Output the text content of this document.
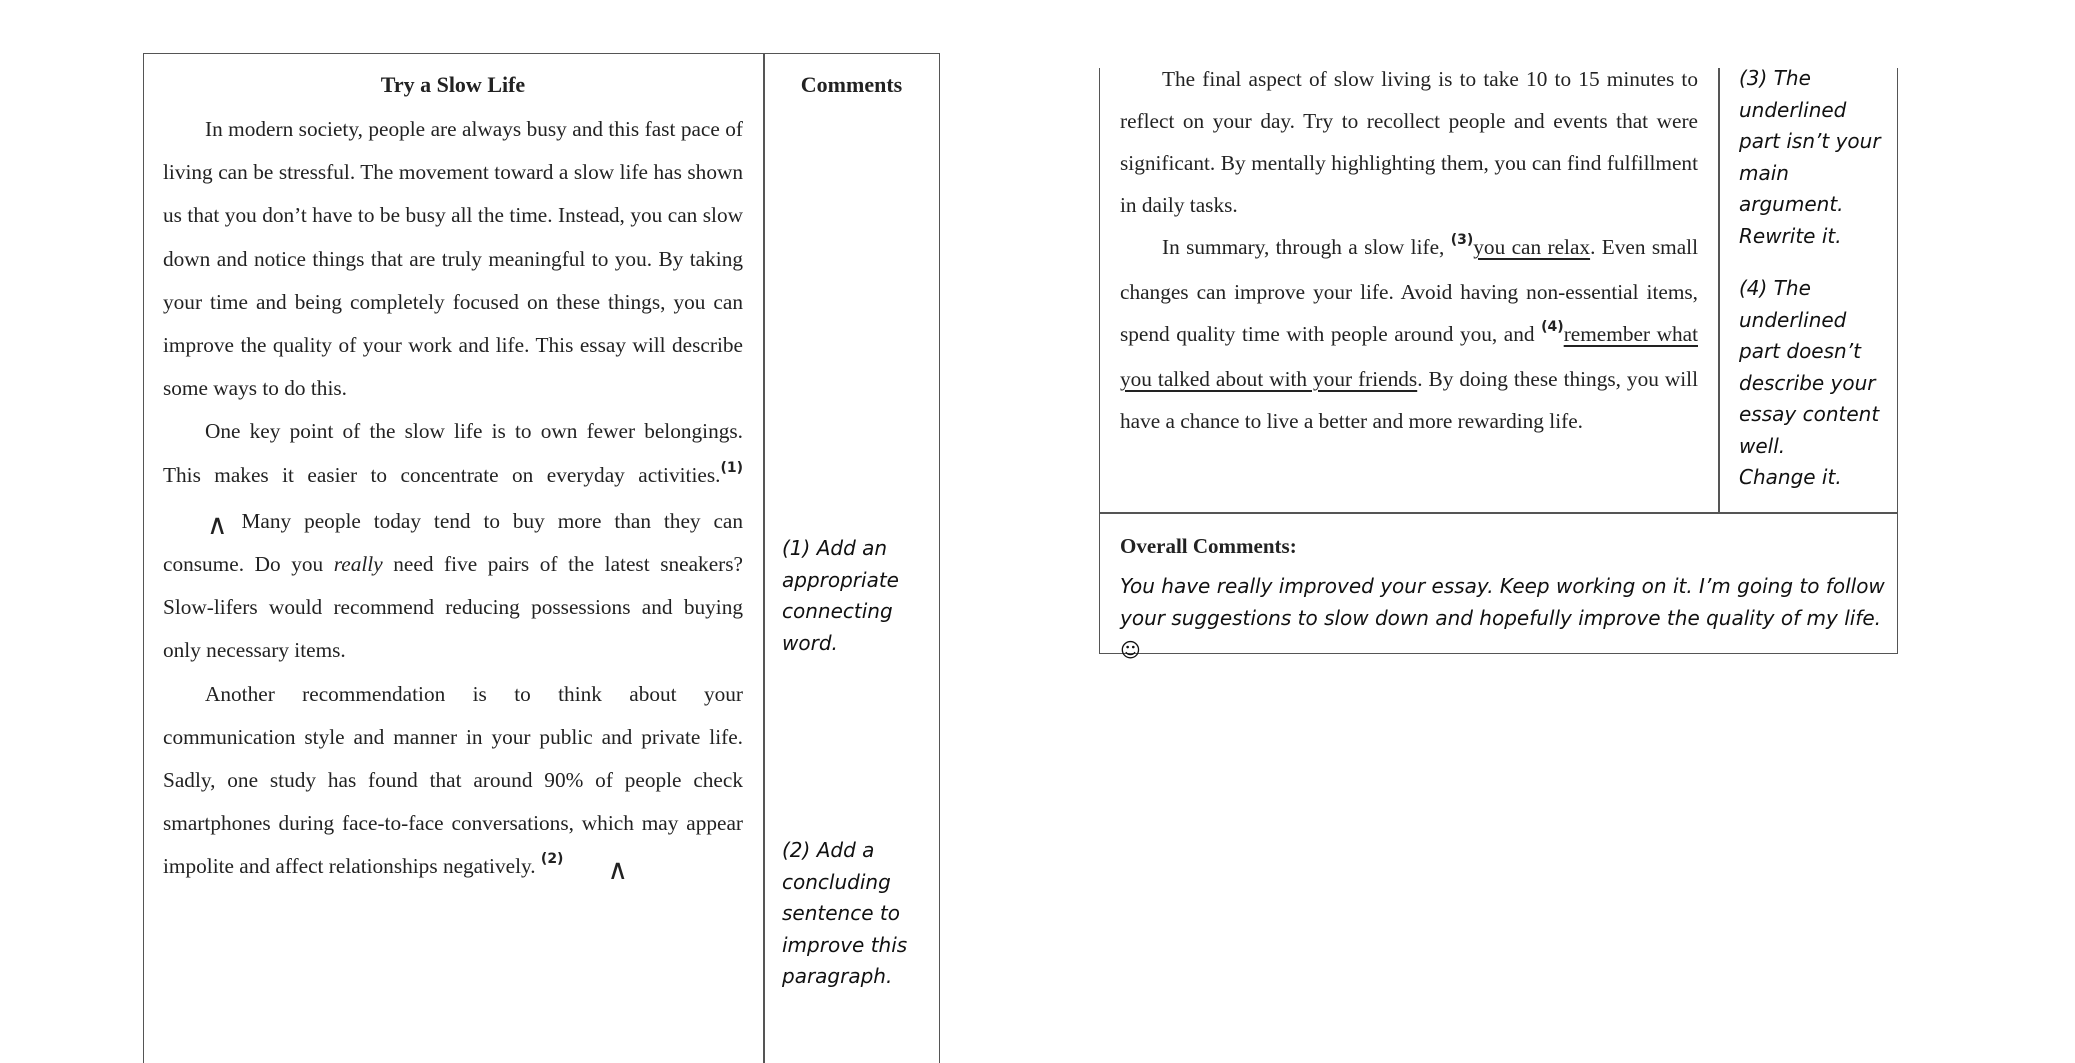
Try a Slow Life	Comments

In modern society, people are always busy and this fast pace of living can be stressful. The movement toward a slow life has shown us that you don’t have to be busy all the time. Instead, you can slow down and notice things that are truly meaningful to you. By taking your time and being completely focused on these things, you can improve the quality of your work and life. This essay will describe some ways to do this.

One key point of the slow life is to own fewer belongings. This makes it easier to concentrate on everyday activities.$^{(1)}$∧ Many people today tend to buy more than they can consume. Do you really need five pairs of the latest sneakers? Slow-lifers would recommend reducing possessions and buying only necessary items.

Another recommendation is to think about your communication style and manner in your public and private life. Sadly, one study has found that around 90% of people check smartphones during face-to-face conversations, which may appear impolite and affect relationships negatively. $^{(2)}$ ∧

(1) Add an appropriate connecting word.
(2) Add a concluding sentence to improve this paragraph.

The final aspect of slow living is to take 10 to 15 minutes to reflect on your day. Try to recollect people and events that were significant. By mentally highlighting them, you can find fulfillment in daily tasks.

In summary, through a slow life, $^{(3)}$you can relax. Even small changes can improve your life. Avoid having non-essential items, spend quality time with people around you, and $^{(4)}$remember what you talked about with your friends. By doing these things, you will have a chance to live a better and more rewarding life.

(3) The underlined part isn’t your main argument. Rewrite it.
(4) The underlined part doesn’t describe your essay content well.
Change it.
Overall Comments:
You have really improved your essay. Keep working on it. I’m going to follow your suggestions to slow down and hopefully improve the quality of my life.☺
